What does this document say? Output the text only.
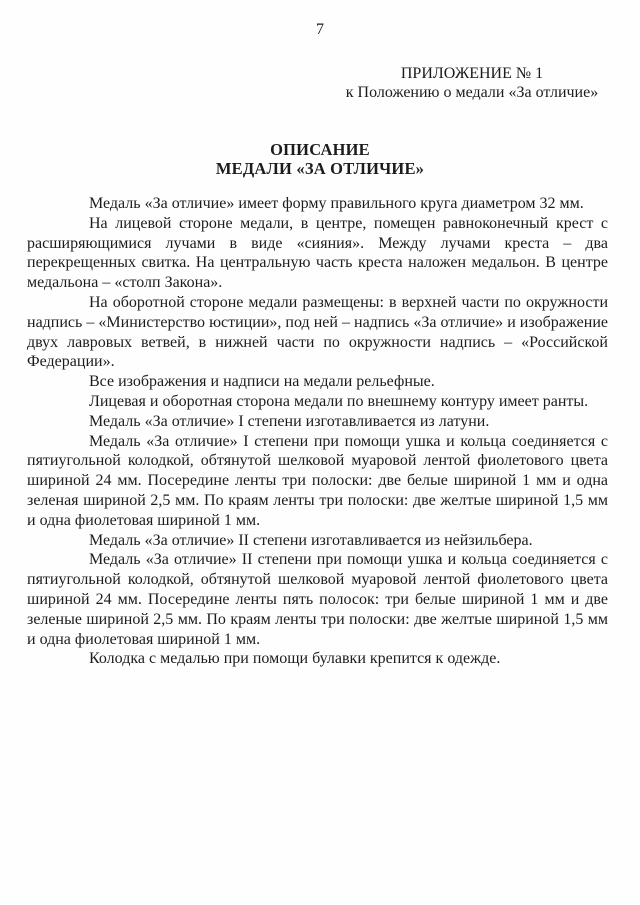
7
ПРИЛОЖЕНИЕ № 1
к Положению о медали «За отличие»
ОПИСАНИЕ
МЕДАЛИ «ЗА ОТЛИЧИЕ»

Медаль «За отличие» имеет форму правильного круга диаметром 32 мм.

На лицевой стороне медали, в центре, помещен равноконечный крест с расширяющимися лучами в виде «сияния». Между лучами креста – два перекрещенных свитка. На центральную часть креста наложен медальон. В центре медальона – «столп Закона».

На оборотной стороне медали размещены: в верхней части по окружности надпись – «Министерство юстиции», под ней – надпись «За отличие» и изображение двух лавровых ветвей, в нижней части по окружности надпись – «Российской Федерации».

Все изображения и надписи на медали рельефные.

Лицевая и оборотная сторона медали по внешнему контуру имеет ранты.

Медаль «За отличие» I степени изготавливается из латуни.

Медаль «За отличие» I степени при помощи ушка и кольца соединяется с пятиугольной колодкой, обтянутой шелковой муаровой лентой фиолетового цвета шириной 24 мм. Посередине ленты три полоски: две белые шириной 1 мм и одна зеленая шириной 2,5 мм. По краям ленты три полоски: две желтые шириной 1,5 мм и одна фиолетовая шириной 1 мм.

Медаль «За отличие» II степени изготавливается из нейзильбера.

Медаль «За отличие» II степени при помощи ушка и кольца соединяется с пятиугольной колодкой, обтянутой шелковой муаровой лентой фиолетового цвета шириной 24 мм. Посередине ленты пять полосок: три белые шириной 1 мм и две зеленые шириной 2,5 мм. По краям ленты три полоски: две желтые шириной 1,5 мм и одна фиолетовая шириной 1 мм.

Колодка с медалью при помощи булавки крепится к одежде.
